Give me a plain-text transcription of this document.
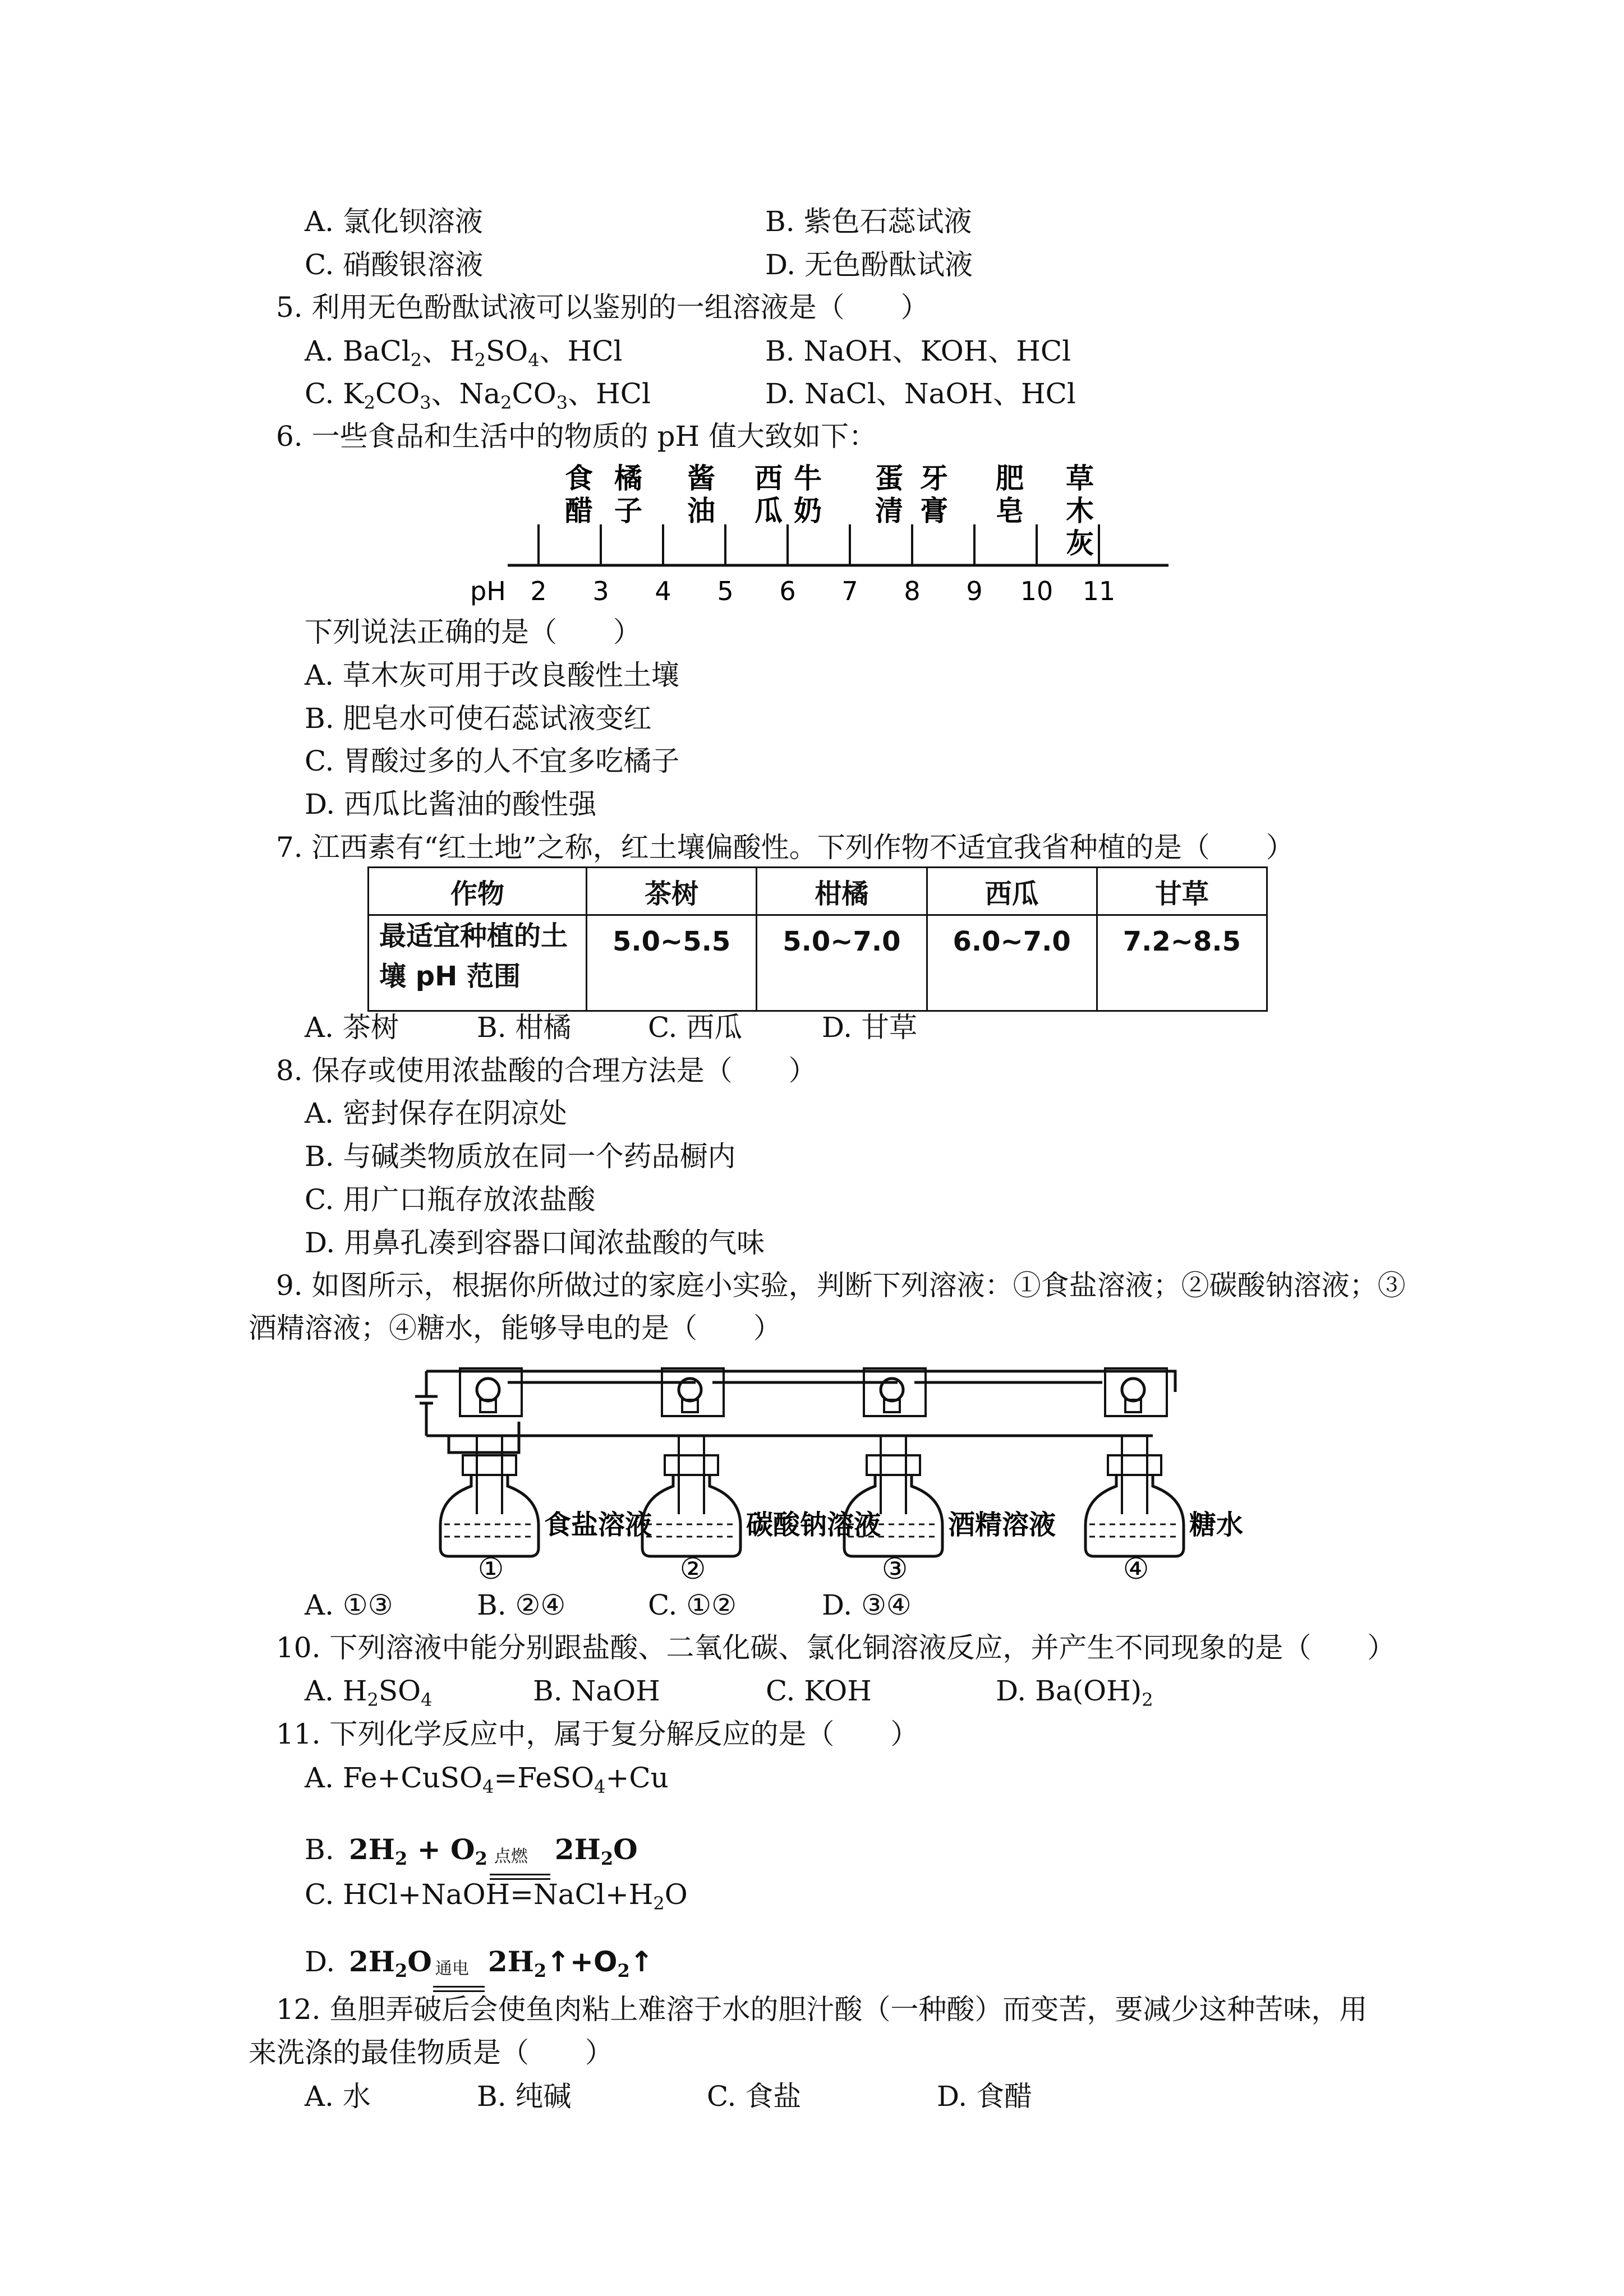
A. 氯化钡溶液	B. 紫色石蕊试液
C. 硝酸银溶液	D. 无色酚酞试液
5. 利用无色酚酞试液可以鉴别的一组溶液是（　　）
A. BaCl$_2$、$H_2SO_4$、HCl	B. NaOH、KOH、HCl
C. $K_2CO_3$、$Na_2CO_3$、HCl	D. NaCl、NaOH、HCl
6. 一些食品和生活中的物质的 pH 值大致如下：
食
醋
橘
子
酱
油
西
瓜
牛
奶
蛋
清
牙
膏
肥
皂
草
木
灰
pH 2 3 4 5 6 7 8 9 10 11
下列说法正确的是（　　）
A. 草木灰可用于改良酸性土壤
B. 肥皂水可使石蕊试液变红
C. 胃酸过多的人不宜多吃橘子
D. 西瓜比酱油的酸性强
7. 江西素有“红土地”之称，红土壤偏酸性。下列作物不适宜我省种植的是（　　）
作物	茶树	柑橘	西瓜	甘草
最适宜种植的土壤 pH 范围	5.0~5.5	5.0~7.0	6.0~7.0	7.2~8.5
A. 茶树	B. 柑橘	C. 西瓜	D. 甘草
8. 保存或使用浓盐酸的合理方法是（　　）
A. 密封保存在阴凉处
B. 与碱类物质放在同一个药品橱内
C. 用广口瓶存放浓盐酸
D. 用鼻孔凑到容器口闻浓盐酸的气味
9. 如图所示，根据你所做过的家庭小实验，判断下列溶液：①食盐溶液；②碳酸钠溶液；③
酒精溶液；④糖水，能够导电的是（　　）
食盐溶液
①
碳酸钠溶液
②
酒精溶液
③
糖水
④
A. ①③	B. ②④	C. ①②	D. ③④
10. 下列溶液中能分别跟盐酸、二氧化碳、氯化铜溶液反应，并产生不同现象的是（　　）
A. $H_2SO_4$	B. NaOH	C. KOH	D. $Ba(OH)_2$
11. 下列化学反应中，属于复分解反应的是（　　）
A. Fe+CuSO$_4$=FeSO$_4$+Cu
B. $2H_2 + O_2$ 点燃 $2H_2O$
C. $HCl+NaOH=NaCl+H_2O$
D. $2H_2O$ 通电 $2H_2↑+O_2↑$
12. 鱼胆弄破后会使鱼肉粘上难溶于水的胆汁酸（一种酸）而变苦，要减少这种苦味，用
来洗涤的最佳物质是（　　）
A. 水	B. 纯碱	C. 食盐	D. 食醋
